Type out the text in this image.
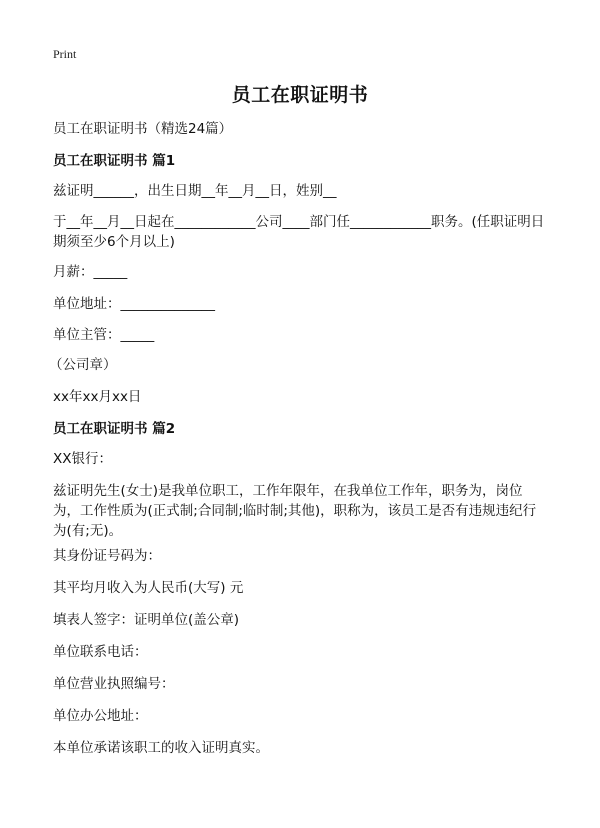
Print
员工在职证明书

员工在职证明书（精选24篇）

员工在职证明书 篇1

兹证明______，出生日期__年__月__日，姓别__

于__年__月__日起在____________公司____部门任____________职务。(任职证明日期须至少6个月以上)

月薪：_____

单位地址：______________

单位主管：_____

（公司章）

xx年xx月xx日

员工在职证明书 篇2

XX银行：

兹证明先生(女士)是我单位职工，工作年限年，在我单位工作年，职务为，岗位为，工作性质为(正式制;合同制;临时制;其他)，职称为，该员工是否有违规违纪行为(有;无)。

其身份证号码为：

其平均月收入为人民币(大写) 元

填表人签字：证明单位(盖公章)

单位联系电话：

单位营业执照编号：

单位办公地址：

本单位承诺该职工的收入证明真实。
